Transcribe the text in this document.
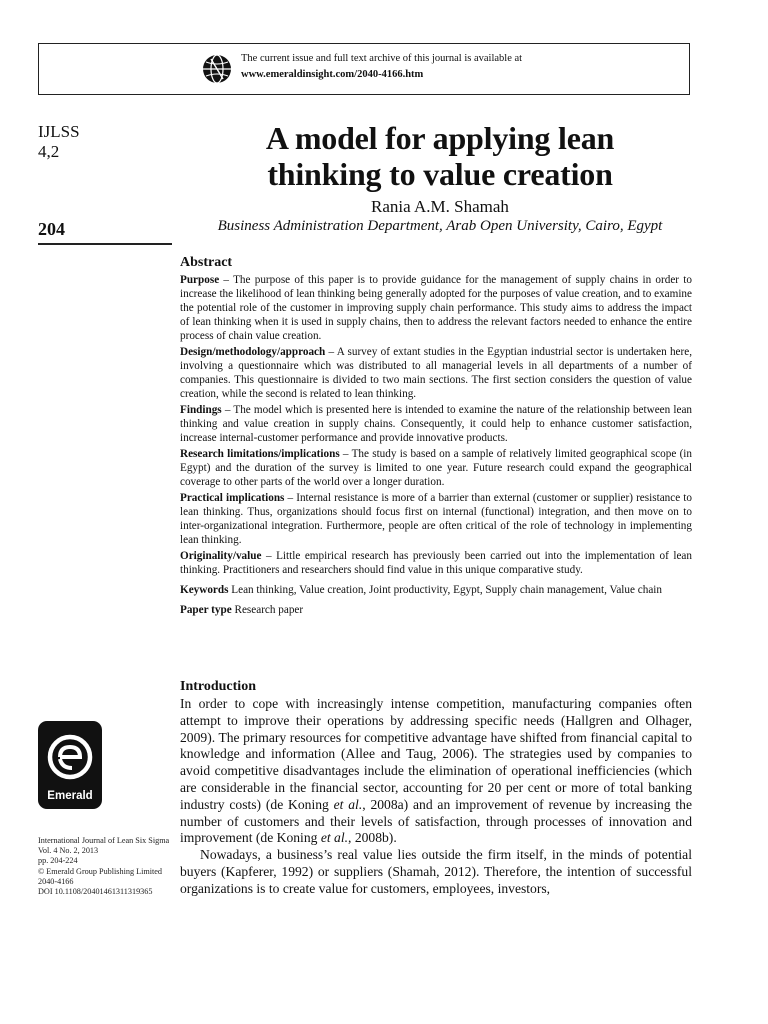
The current issue and full text archive of this journal is available at
www.emeraldinsight.com/2040-4166.htm
IJLSS
4,2
204
A model for applying lean
thinking to value creation
Rania A.M. Shamah
Business Administration Department, Arab Open University, Cairo, Egypt
Abstract

Purpose – The purpose of this paper is to provide guidance for the management of supply chains in order to increase the likelihood of lean thinking being generally adopted for the purposes of value creation, and to examine the potential role of the customer in improving supply chain performance. This study aims to address the impact of lean thinking when it is used in supply chains, then to address the relevant factors needed to enhance the entire process of chain value creation.

Design/methodology/approach – A survey of extant studies in the Egyptian industrial sector is undertaken here, involving a questionnaire which was distributed to all managerial levels in all departments of a number of companies. This questionnaire is divided to two main sections. The first section considers the question of value creation, while the second is related to lean thinking.

Findings – The model which is presented here is intended to examine the nature of the relationship between lean thinking and value creation in supply chains. Consequently, it could help to enhance customer satisfaction, increase internal-customer performance and provide innovative products.

Research limitations/implications – The study is based on a sample of relatively limited geographical scope (in Egypt) and the duration of the survey is limited to one year. Future research could expand the geographical coverage to other parts of the world over a longer duration.

Practical implications – Internal resistance is more of a barrier than external (customer or supplier) resistance to lean thinking. Thus, organizations should focus first on internal (functional) integration, and then move on to inter-organizational integration. Furthermore, people are often critical of the role of technology in implementing lean thinking.

Originality/value – Little empirical research has previously been carried out into the implementation of lean thinking. Practitioners and researchers should find value in this unique comparative study.

Keywords Lean thinking, Value creation, Joint productivity, Egypt, Supply chain management, Value chain

Paper type Research paper

Introduction

In order to cope with increasingly intense competition, manufacturing companies often attempt to improve their operations by addressing specific needs (Hallgren and Olhager, 2009). The primary resources for competitive advantage have shifted from financial capital to knowledge and information (Allee and Taug, 2006). The strategies used by companies to avoid competitive disadvantages include the elimination of operational inefficiencies (which are considerable in the financial sector, accounting for 20 per cent or more of total banking industry costs) (de Koning et al., 2008a) and an improvement of revenue by increasing the number of customers and their levels of satisfaction, through processes of innovation and improvement (de Koning et al., 2008b).

Nowadays, a business’s real value lies outside the firm itself, in the minds of potential buyers (Kapferer, 1992) or suppliers (Shamah, 2012). Therefore, the intention of successful organizations is to create value for customers, employees, investors,

Emerald
International Journal of Lean Six Sigma
Vol. 4 No. 2, 2013
pp. 204-224
© Emerald Group Publishing Limited
2040-4166
DOI 10.1108/20401461311319365
